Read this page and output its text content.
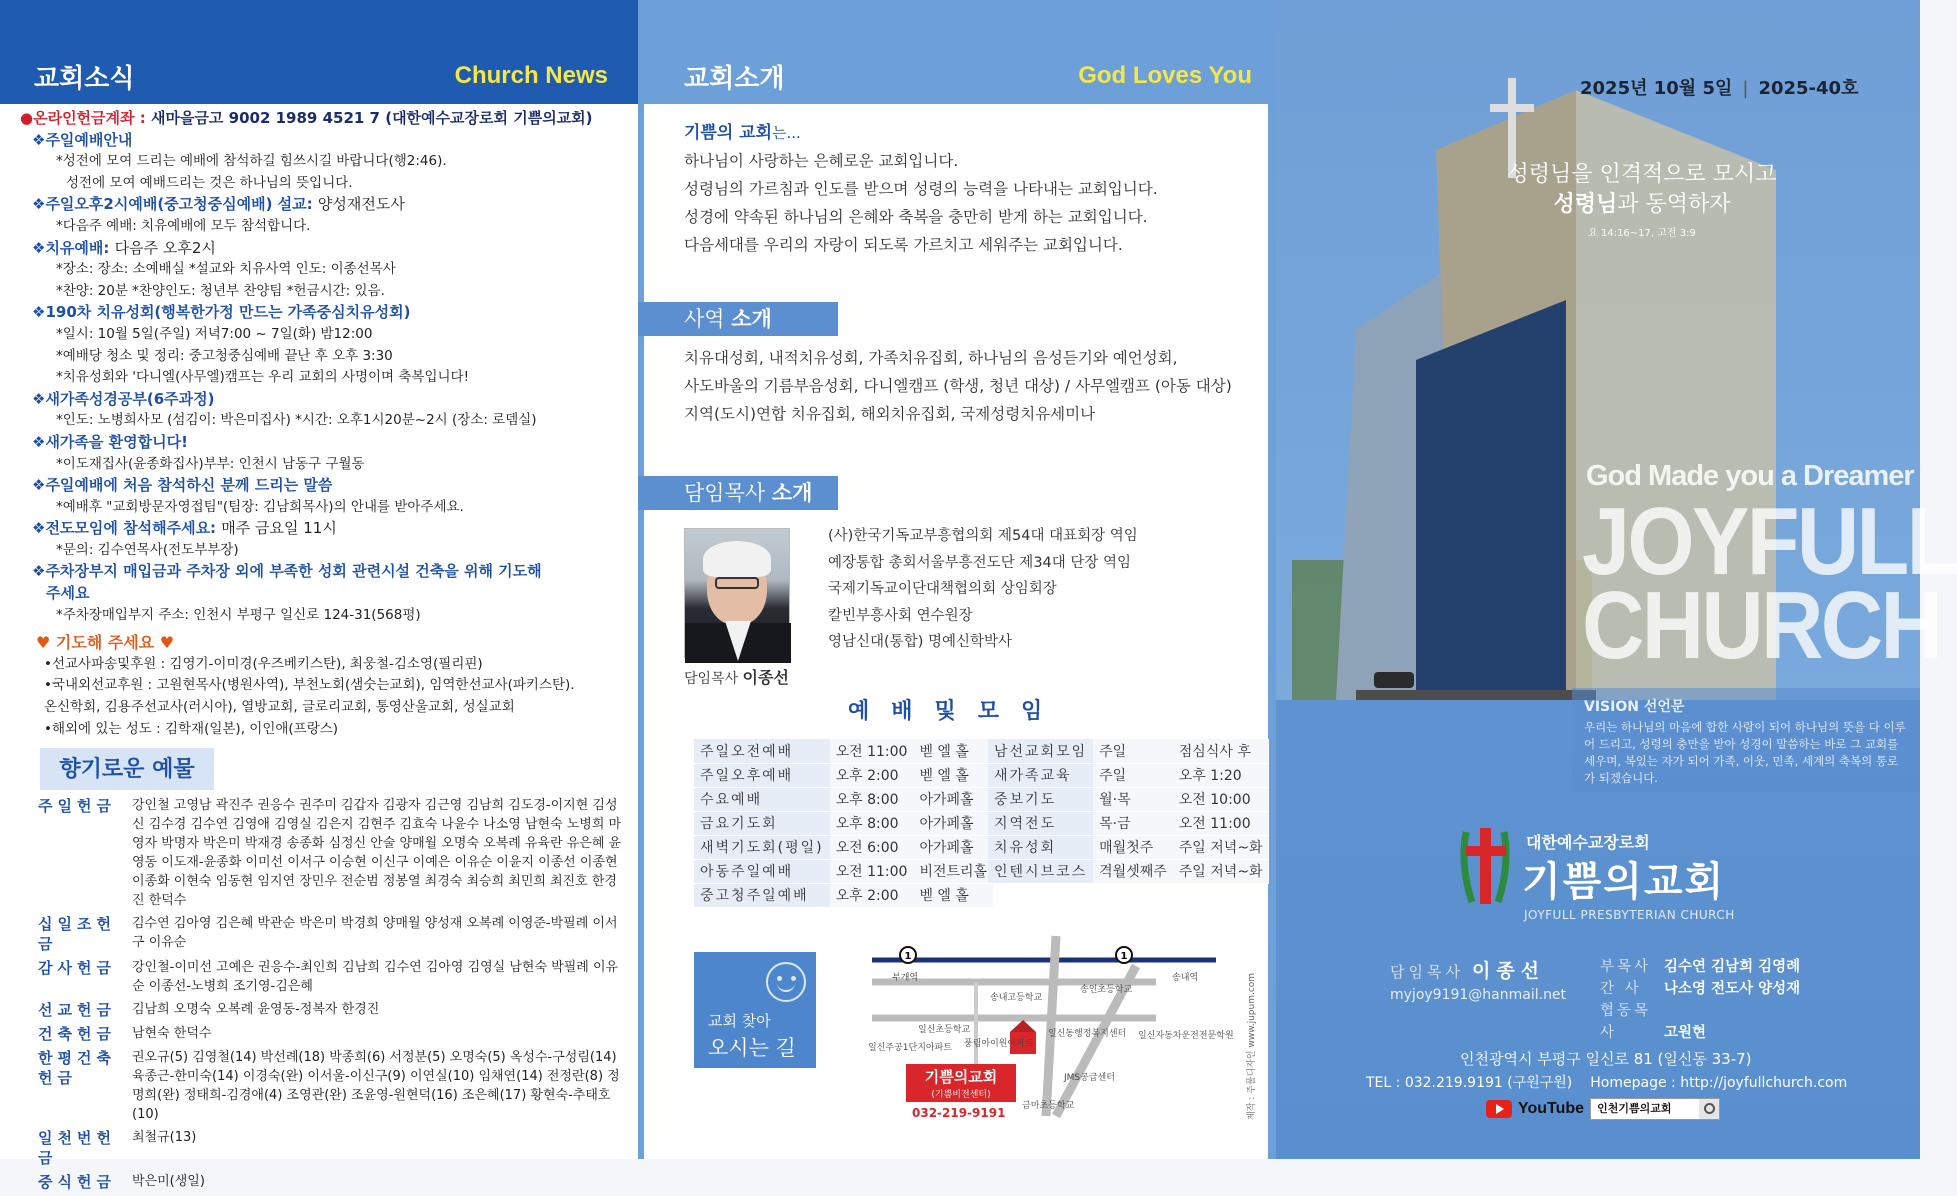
교회소식	Church News
●온라인헌금계좌 : 새마을금고 9002 1989 4521 7 (대한예수교장로회 기쁨의교회)
❖주일예배안내
*성전에 모여 드리는 예배에 참석하길 힘쓰시길 바랍니다(행2:46).
성전에 모여 예배드리는 것은 하나님의 뜻입니다.
❖주일오후2시예배(중고청중심예배) 설교: 양성재전도사
*다음주 예배: 치유예배에 모두 참석합니다.
❖치유예배: 다음주 오후2시
*장소: 장소: 소예배실 *설교와 치유사역 인도: 이종선목사
*찬양: 20분 *찬양인도: 청년부 찬양팀 *헌금시간: 있음.
❖190차 치유성회(행복한가정 만드는 가족중심치유성회)
*일시: 10월 5일(주일) 저녁7:00 ~ 7일(화) 밤12:00
*예배당 청소 및 정리: 중고청중심예배 끝난 후 오후 3:30
*치유성회와 '다니엘(사무엘)캠프는 우리 교회의 사명이며 축복입니다!
❖새가족성경공부(6주과정)
*인도: 노병희사모 (섬김이: 박은미집사) *시간: 오후1시20분~2시 (장소: 로뎀실)
❖새가족을 환영합니다!
*이도재집사(윤종화집사)부부: 인천시 남동구 구월동
❖주일예배에 처음 참석하신 분께 드리는 말씀
*예배후 "교회방문자영접팀"(팀장: 김남희목사)의 안내를 받아주세요.
❖전도모임에 참석해주세요: 매주 금요일 11시
*문의: 김수연목사(전도부부장)
❖주차장부지 매입금과 주차장 외에 부족한 성회 관련시설 건축을 위해 기도해
주세요
*주차장매입부지 주소: 인천시 부평구 일신로 124-31(568평)
♥ 기도해 주세요 ♥
•선교사파송및후원 : 김영기-이미경(우즈베키스탄), 최웅철-김소영(필리핀)
•국내외선교후원 : 고원현목사(병원사역), 부천노회(샘숫는교회), 임역한선교사(파키스탄).
온신학회, 김용주선교사(러시아), 열방교회, 글로리교회, 통영산울교회, 성실교회
•해외에 있는 성도 : 김학재(일본), 이인애(프랑스)
향기로운 예물
주일헌금	강인철 고영남 곽진주 권응수 권주미 김갑자 김광자 김근영 김남희 김도경-이지현 김성신 김수경 김수연 김영애 김영실 김은지 김현주 김효숙 나윤수 나소영 남현숙 노병희 마영자 박명자 박은미 박재경 송종화 심정신 안술 양매월 오명숙 오복례 유육란 유은혜 윤영동 이도재-윤종화 이미선 이서구 이승현 이신구 이예은 이유순 이윤지 이종선 이종현 이종화 이현숙 임동현 임지연 장민우 전순범 정봉열 최경숙 최승희 최민희 최진호 한경진 한덕수
십일조헌금
김수연 김아영 김은혜 박관순 박은미 박경희 양매월 양성재 오복례 이영준-박필례 이서구 이유순
감사헌금	강인철-이미선 고예은 권응수-최인희 김남희 김수연 김아영 김영실 남현숙 박필례 이유순 이종선-노병희 조기영-김은혜
선교헌금	김남희 오명숙 오복례 윤영동-정복자 한경진
건축헌금	남현숙 한덕수
한평건축헌금
권오규(5) 김영철(14) 박선례(18) 박종희(6) 서정분(5) 오명숙(5) 옥성수-구성림(14) 육종근-한미숙(14) 이경숙(완) 이서울-이신구(9) 이연실(10) 임채연(14) 전정란(8) 정명희(완) 정태희-김경애(4) 조영관(완) 조윤영-원현덕(16) 조은혜(17) 황현숙-추태호(10)
일천번헌금
최철규(13)
중식헌금	박은미(생일)
교회소개	God Loves You
기쁨의 교회는...
하나님이 사랑하는 은혜로운 교회입니다.
성령님의 가르침과 인도를 받으며 성령의 능력을 나타내는 교회입니다.
성경에 약속된 하나님의 은혜와 축복을 충만히 받게 하는 교회입니다.
다음세대를 우리의 자랑이 되도록 가르치고 세워주는 교회입니다.
사역 소개
치유대성회, 내적치유성회, 가족치유집회, 하나님의 음성듣기와 예언성회,
사도바울의 기름부음성회, 다니엘캠프 (학생, 청년 대상) / 사무엘캠프 (아동 대상)
지역(도시)연합 치유집회, 해외치유집회, 국제성령치유세미나
담임목사 소개
담임목사 이종선
(사)한국기독교부흥협의회 제54대 대표회장 역임
예장통합 총회서울부흥전도단 제34대 단장 역임
국제기독교이단대책협의회 상임회장
칼빈부흥사회 연수원장
영남신대(통합) 명예신학박사
예배및모임
주일오전예배	오전 11:00	벧 엘 홀
주일오후예배	오후 2:00	벧 엘 홀
수요예배	오후 8:00	아가페홀
금요기도회	오후 8:00	아가페홀
새벽기도회(평일)	오전 6:00	아가페홀
아동주일예배	오전 11:00	비전트리홀
중고청주일예배	오후 2:00	벧 엘 홀
남선교회모임	주일	점심식사 후
새가족교육	주일	오후 1:20
중보기도	월·목	오전 10:00
지역전도	목·금	오전 11:00
치유성회	매월첫주	주일 저녁~화
인텐시브코스	격월셋째주	주일 저녁~화
교회 찾아
오시는 길
1	1
부개역	송내역
송내고등학교
송인초등학교
일신초등학교
풍림아이원아파트
일신동행정복지센터 일신자동차운전전문학원
일신주공1단지아파트
JMS공급센터
금마초등학교
기쁨의교회
(기쁨비전센터)
032-219-9191	제작 : 주풀디자인 www.jupum.com
2025년 10월 5일 | 2025-40호
성령님을 인격적으로 모시고
성령님과 동역하자
요 14:16~17, 고전 3:9
God Made you a Dreamer
JOYFULL
CHURCH
VISION 선언문
우리는 하나님의 마음에 합한 사람이 되어 하나님의 뜻을 다 이루어 드리고, 성령의 충만을 받아 성경이 말씀하는 바로 그 교회를 세우며, 복있는 자가 되어 가족, 이웃, 민족, 세계의 축복의 통로가 되겠습니다.
대한예수교장로회
기쁨의교회
JOYFULL PRESBYTERIAN CHURCH
담임목사 이종선
myjoy9191@hanmail.net
부목사 김수연 김남희 김영례
간 사 나소영 전도사 양성재
협동목사	고원현
인천광역시 부평구 일신로 81 (일신동 33-7)
TEL : 032.219.9191 (구원구원) Homepage : http://joyfullchurch.com
YouTube	인천기쁨의교회
